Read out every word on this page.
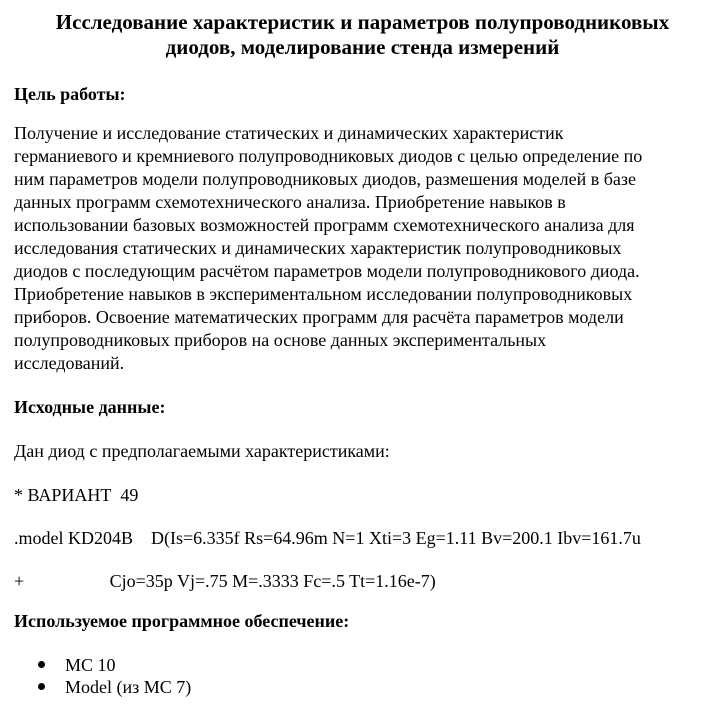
Исследование характеристик и параметров полупроводниковых
диодов, моделирование стенда измерений
Цель работы:

Получение и исследование статических и динамических характеристик
германиевого и кремниевого полупроводниковых диодов с целью определение по
ним параметров модели полупроводниковых диодов, размешения моделей в базе
данных программ схемотехнического анализа. Приобретение навыков в
использовании базовых возможностей программ схемотехнического анализа для
исследования статических и динамических характеристик полупроводниковых
диодов с последующим расчётом параметров модели полупроводникового диода.
Приобретение навыков в экспериментальном исследовании полупроводниковых
приборов. Освоение математических программ для расчёта параметров модели
полупроводниковых приборов на основе данных экспериментальных
исследований.

Исходные данные:

Дан диод с предполагаемыми характеристиками:

* ВАРИАНТ  49

.model KD204B    D(Is=6.335f Rs=64.96m N=1 Xti=3 Eg=1.11 Bv=200.1 Ibv=161.7u

+                   Cjo=35p Vj=.75 M=.3333 Fc=.5 Tt=1.16e-7)

Используемое программное обеспечение:
MC 10
Model (из MC 7)
